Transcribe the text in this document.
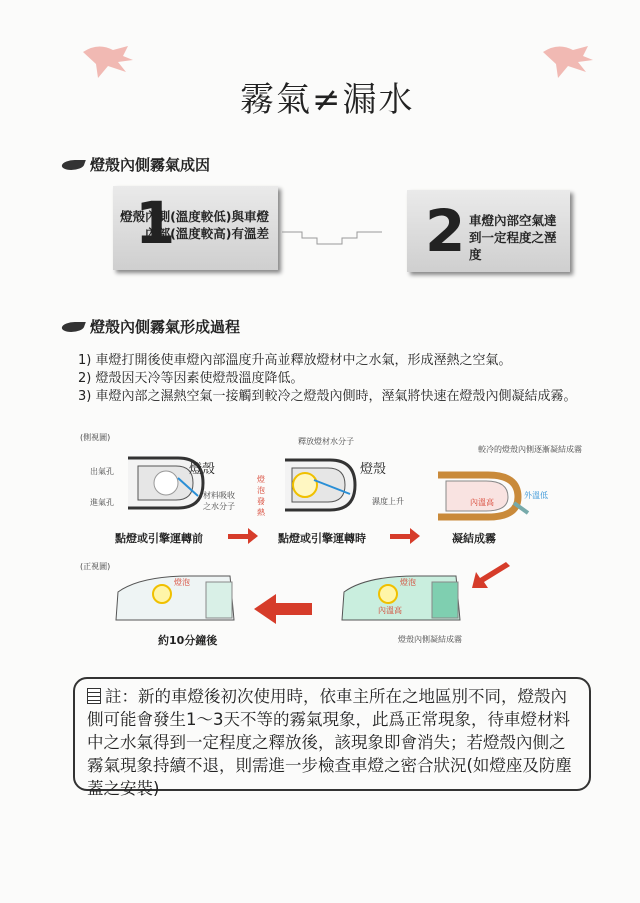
霧氣≠漏水
燈殼內側霧氣成因
1
燈殼內側(溫度較低)與車燈內部(溫度較高)有溫差	2 車燈內部空氣達到一定程度之溼度
燈殼內側霧氣形成過程
1) 車燈打開後使車燈內部溫度升高並釋放燈材中之水氣，形成溼熱之空氣。
2) 燈殼因天冷等因素使燈殼溫度降低。
3) 車燈內部之濕熱空氣一接觸到較冷之燈殼內側時，溼氣將快速在燈殼內側凝結成霧。
(側視圖)
出氣孔
進氣孔
燈殼
材料吸收之水分子
點燈或引擎運轉前
釋放燈材水分子
燈泡發熱
燈殼
濕度上升
點燈或引擎運轉時
較冷的燈殼內側逐漸凝結成霧
內溫高
外溫低
凝結成霧
(正視圖)
燈泡	燈泡
內溫高
約10分鐘後	燈殼內側凝結成霧
註：新的車燈後初次使用時，依車主所在之地區別不同，燈殼內側可能會發生1～3天不等的霧氣現象，此爲正常現象，待車燈材料中之水氣得到一定程度之釋放後，該現象即會消失；若燈殼內側之霧氣現象持續不退，則需進一步檢查車燈之密合狀況(如燈座及防塵蓋之安裝)
